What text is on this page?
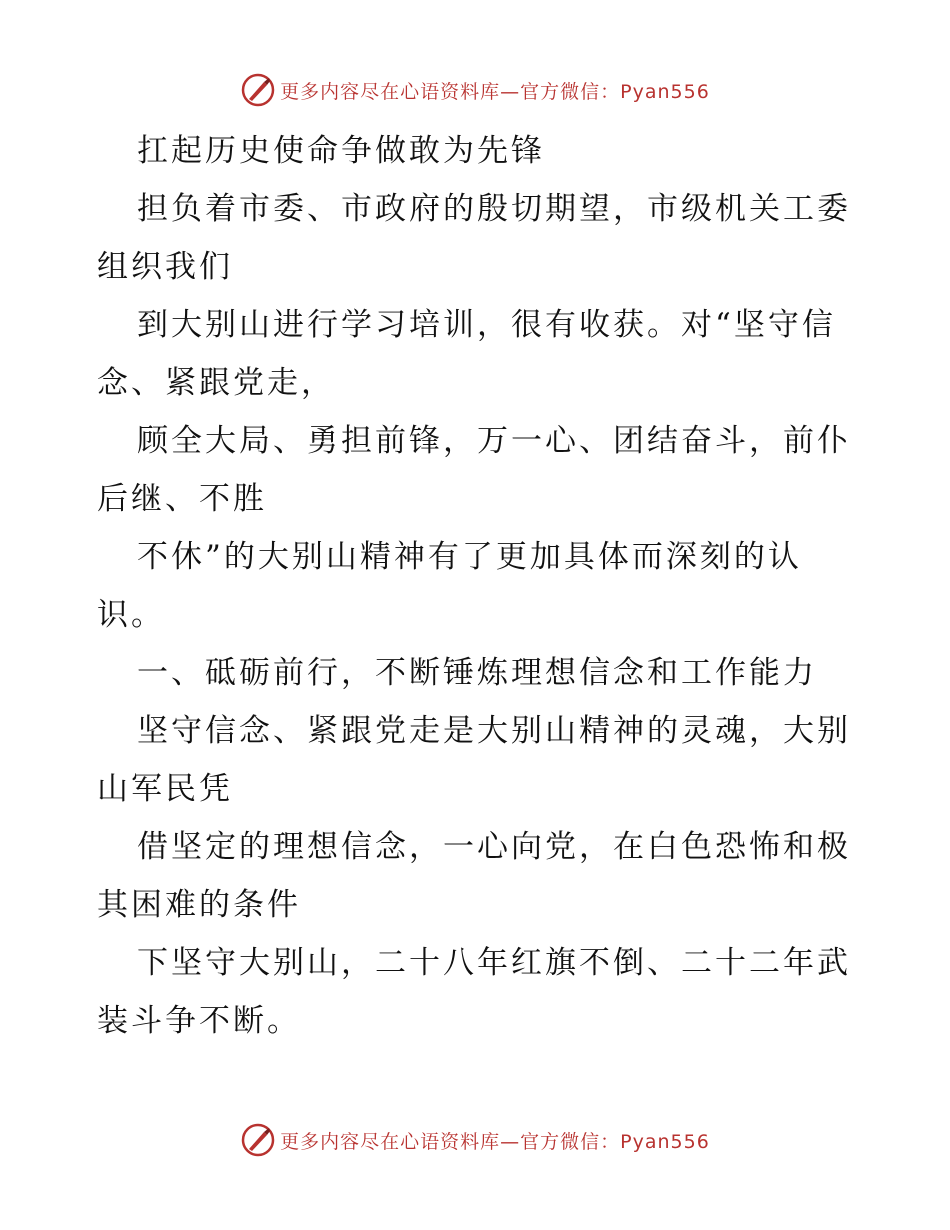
更多内容尽在心语资料库—官方微信：Pyan556

扛起历史使命争做敢为先锋

担负着市委、市政府的殷切期望，市级机关工委组织我们

到大别山进行学习培训，很有收获。对“坚守信念、紧跟党走，

顾全大局、勇担前锋，万一心、团结奋斗，前仆后继、不胜

不休”的大别山精神有了更加具体而深刻的认识。

一、砥砺前行，不断锤炼理想信念和工作能力

坚守信念、紧跟党走是大别山精神的灵魂，大别山军民凭

借坚定的理想信念，一心向党，在白色恐怖和极其困难的条件

下坚守大别山，二十八年红旗不倒、二十二年武装斗争不断。

更多内容尽在心语资料库—官方微信：Pyan556
